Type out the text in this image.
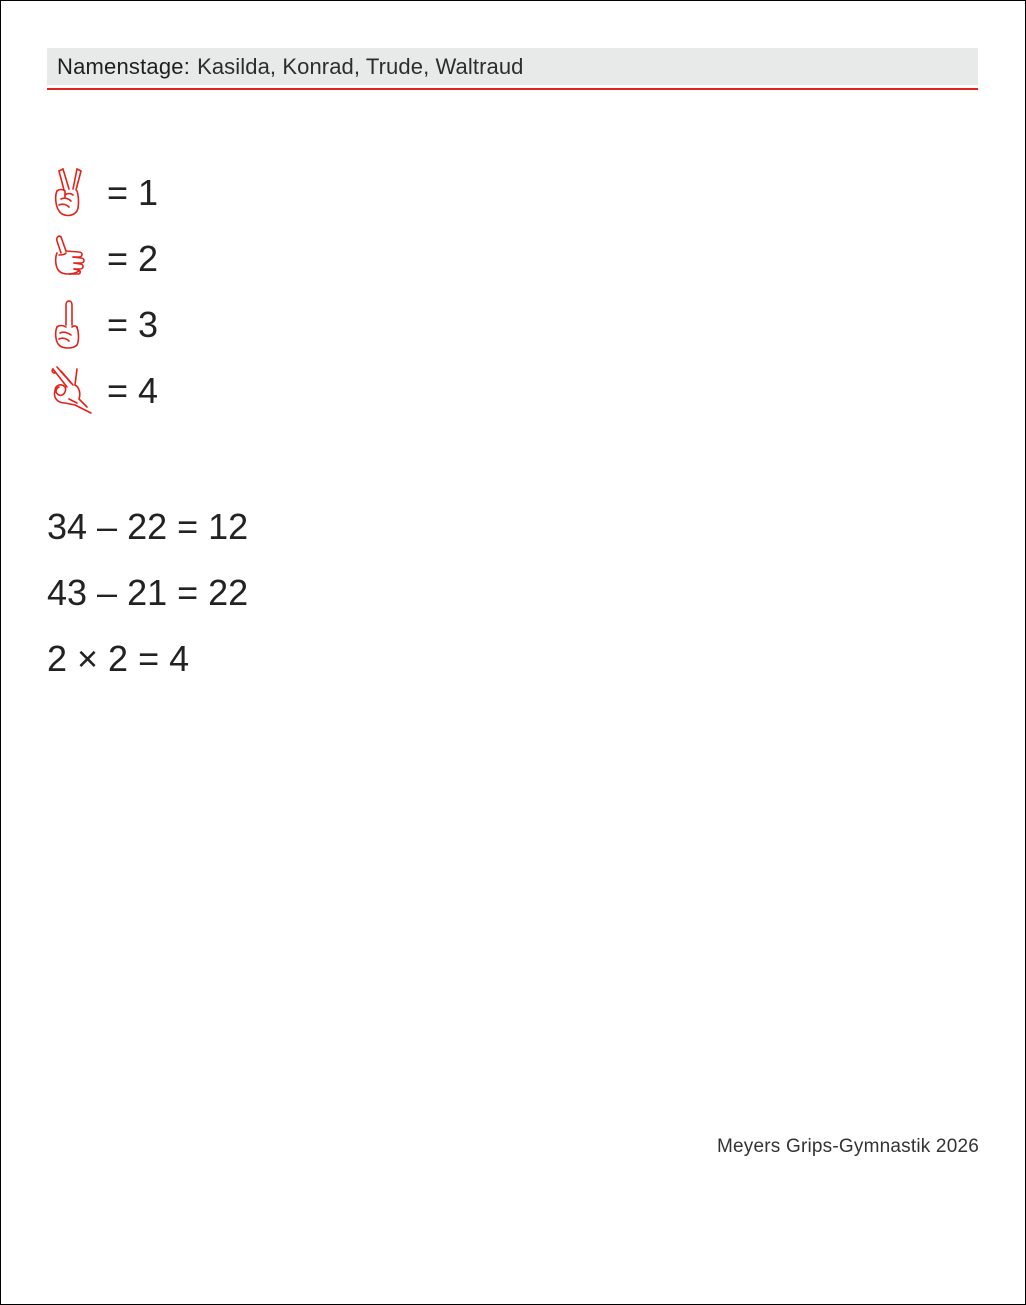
Namenstage: Kasilda, Konrad, Trude, Waltraud
= 1
= 2
= 3
= 4
34 – 22 = 12
43 – 21 = 22
2 × 2 = 4
Meyers Grips-Gymnastik 2026
